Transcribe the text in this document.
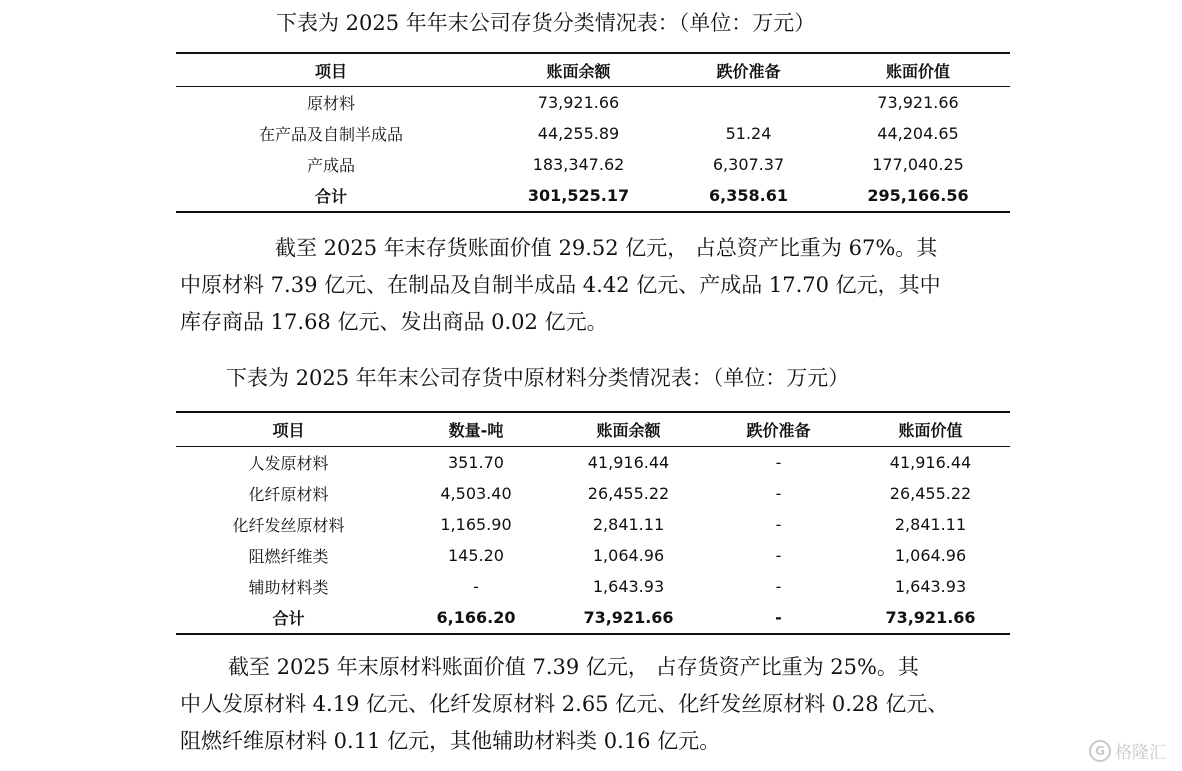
下表为 2025 年年末公司存货分类情况表：（单位：万元）
项目	账面余额	跌价准备	账面价值
原材料	73,921.66		73,921.66
在产品及自制半成品	44,255.89	51.24	44,204.65
产成品	183,347.62	6,307.37	177,040.25
合计	301,525.17	6,358.61	295,166.56

截至 2025 年末存货账面价值 29.52 亿元， 占总资产比重为 67%。其
中原材料 7.39 亿元、在制品及自制半成品 4.42 亿元、产成品 17.70 亿元，其中
库存商品 17.68 亿元、发出商品 0.02 亿元。

下表为 2025 年年末公司存货中原材料分类情况表：（单位：万元）
项目	数量-吨	账面余额	跌价准备	账面价值
人发原材料	351.70	41,916.44	-	41,916.44
化纤原材料	4,503.40	26,455.22	-	26,455.22
化纤发丝原材料	1,165.90	2,841.11	-	2,841.11
阻燃纤维类	145.20	1,064.96	-	1,064.96
辅助材料类	-	1,643.93	-	1,643.93
合计	6,166.20	73,921.66	-	73,921.66

截至 2025 年末原材料账面价值 7.39 亿元， 占存货资产比重为 25%。其
中人发原材料 4.19 亿元、化纤发原材料 2.65 亿元、化纤发丝原材料 0.28 亿元、
阻燃纤维原材料 0.11 亿元，其他辅助材料类 0.16 亿元。	G 格隆汇
